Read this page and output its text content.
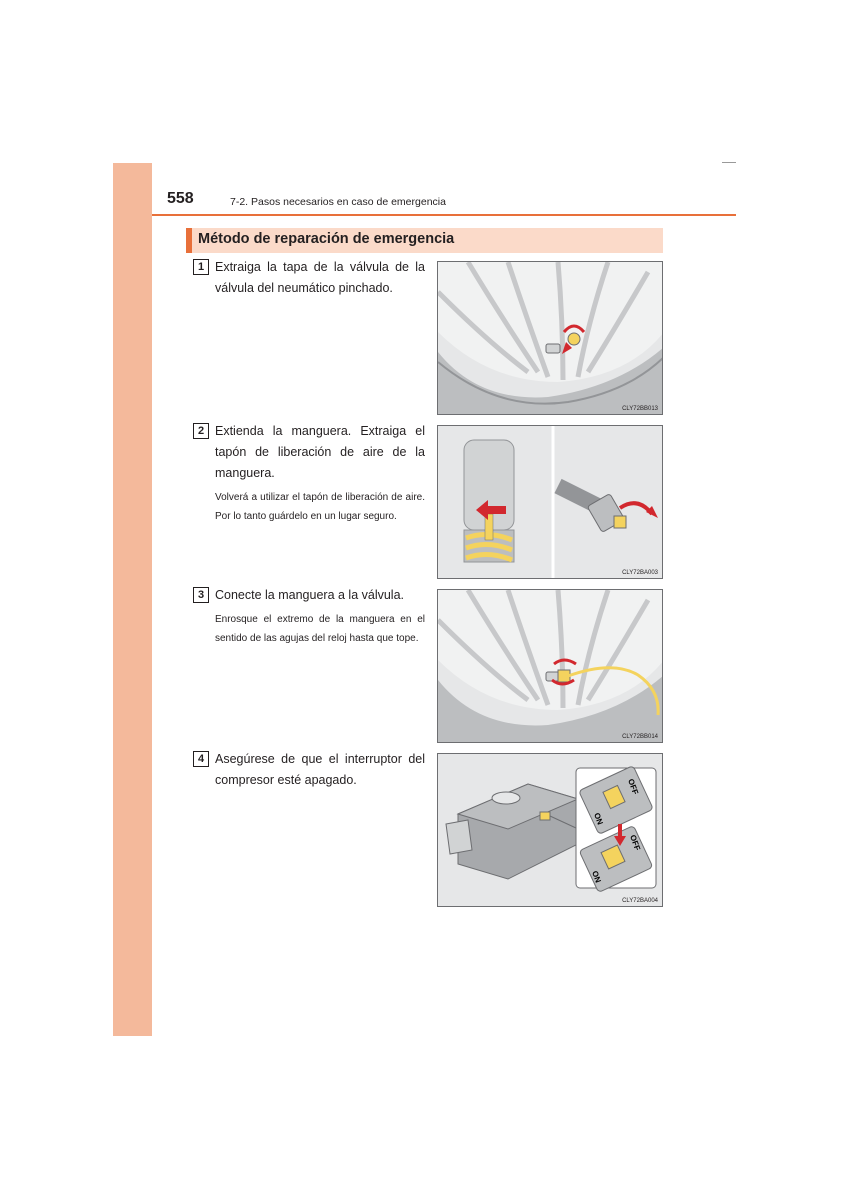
558	7-2. Pasos necesarios en caso de emergencia
Método de reparación de emergencia
1 Extraiga la tapa de la válvula de la válvula del neumático pinchado.
CLY72BB013
2 Extienda la manguera. Extraiga el tapón de liberación de aire de la manguera.
Volverá a utilizar el tapón de liberación de aire. Por lo tanto guárdelo en un lugar seguro.
CLY72BA003
3 Conecte la manguera a la válvula.
Enrosque el extremo de la manguera en el sentido de las agujas del reloj hasta que tope.
CLY72BB014
4 Asegúrese de que el interruptor del compresor esté apagado.
ON
OFF
ON
OFF
CLY72BA004
